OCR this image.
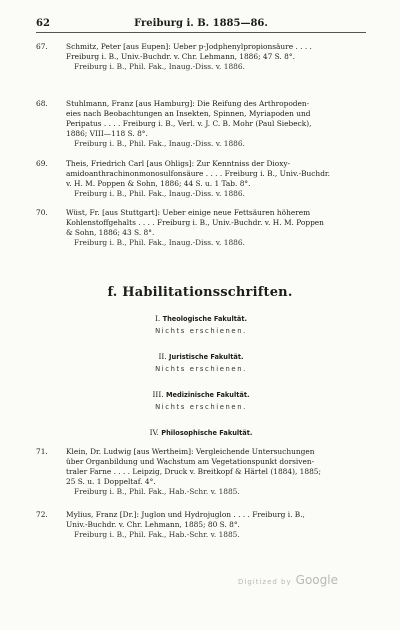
62	Freiburg i. B. 1885—86.
67.	Schmitz, Peter [aus Eupen]: Ueber p-Jodphenylpropionsäure . . . .
Freiburg i. B., Univ.-Buchdr. v. Chr. Lehmann, 1886; 47 S. 8°.
Freiburg i. B., Phil. Fak., Inaug.-Diss. v. 1886.
68.	Stuhlmann, Franz [aus Hamburg]: Die Reifung des Arthropoden-
eies nach Beobachtungen an Insekten, Spinnen, Myriapoden und
Peripatus . . . . Freiburg i. B., Verl. v. J. C. B. Mohr (Paul Siebeck),
1886; VIII—118 S. 8°.
Freiburg i. B., Phil. Fak., Inaug.-Diss. v. 1886.
69.	Theis, Friedrich Carl [aus Ohligs]: Zur Kenntniss der Dioxy-
amidoanthrachinonmonosulfonsäure . . . . Freiburg i. B., Univ.-Buchdr.
v. H. M. Poppen & Sohn, 1886; 44 S. u. 1 Tab. 8°.
Freiburg i. B., Phil. Fak., Inaug.-Diss. v. 1886.
70.	Wüst, Fr. [aus Stuttgart]: Ueber einige neue Fettsäuren höherem
Kohlenstoffgehalts . . . . Freiburg i. B., Univ.-Buchdr. v. H. M. Poppen
& Sohn, 1886; 43 S. 8°.
Freiburg i. B., Phil. Fak., Inaug.-Diss. v. 1886.
f. Habilitationsschriften.
I. Theologische Fakultät.
Nichts erschienen.
II. Juristische Fakultät.
Nichts erschienen.
III. Medizinische Fakultät.
Nichts erschienen.
IV. Philosophische Fakultät.
71.	Klein, Dr. Ludwig [aus Wertheim]: Vergleichende Untersuchungen
über Organbildung und Wachstum am Vegetationspunkt dorsiven-
traler Farne . . . . Leipzig, Druck v. Breitkopf & Härtel (1884), 1885;
25 S. u. 1 Doppeltaf. 4°.
Freiburg i. B., Phil. Fak., Hab.-Schr. v. 1885.
72.	Mylius, Franz [Dr.]: Juglon und Hydrojuglon . . . . Freiburg i. B.,
Univ.-Buchdr. v. Chr. Lehmann, 1885; 80 S. 8°.
Freiburg i. B., Phil. Fak., Hab.-Schr. v. 1885.
Digitized by Google
